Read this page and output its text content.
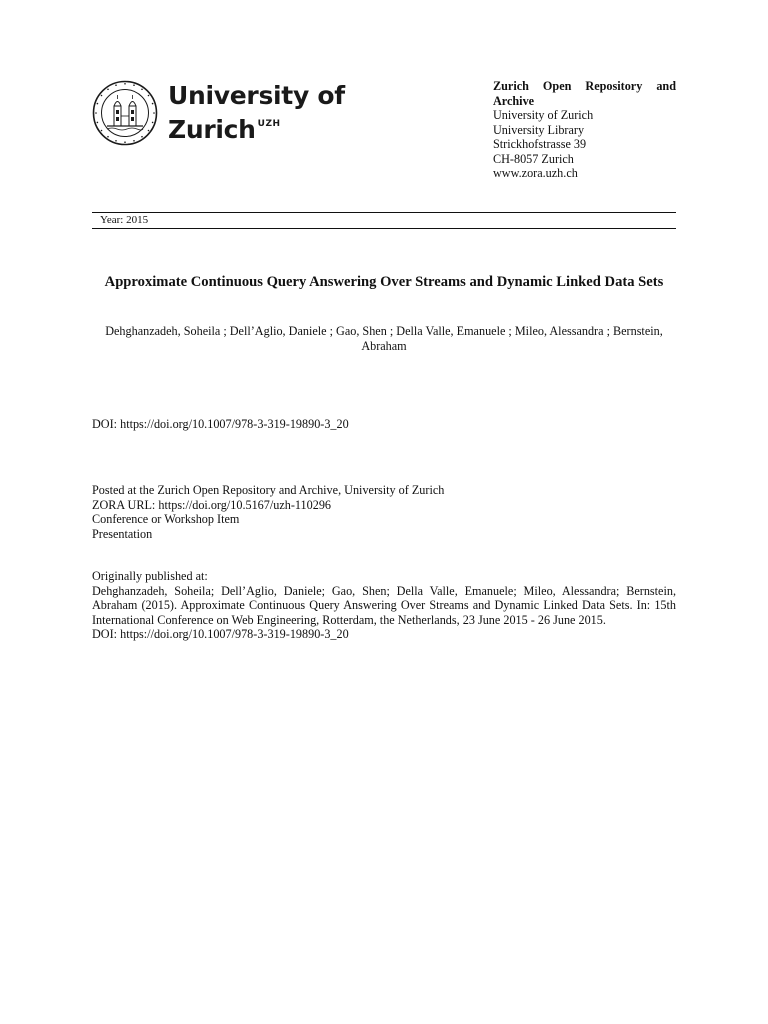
University of
Zurich $^{UZH}$
Zurich Open Repository and Archive
University of Zurich
University Library
Strickhofstrasse 39
CH-8057 Zurich
www.zora.uzh.ch
Year: 2015
Approximate Continuous Query Answering Over Streams and Dynamic Linked Data Sets
Dehghanzadeh, Soheila ; Dell’Aglio, Daniele ; Gao, Shen ; Della Valle, Emanuele ; Mileo, Alessandra ; Bernstein, Abraham
DOI: https://doi.org/10.1007/978-3-319-19890-3_20
Posted at the Zurich Open Repository and Archive, University of Zurich
ZORA URL: https://doi.org/10.5167/uzh-110296
Conference or Workshop Item
Presentation
Originally published at:
Dehghanzadeh, Soheila; Dell’Aglio, Daniele; Gao, Shen; Della Valle, Emanuele; Mileo, Alessandra; Bernstein, Abraham (2015). Approximate Continuous Query Answering Over Streams and Dynamic Linked Data Sets. In: 15th International Conference on Web Engineering, Rotterdam, the Netherlands, 23 June 2015 - 26 June 2015.
DOI: https://doi.org/10.1007/978-3-319-19890-3_20
